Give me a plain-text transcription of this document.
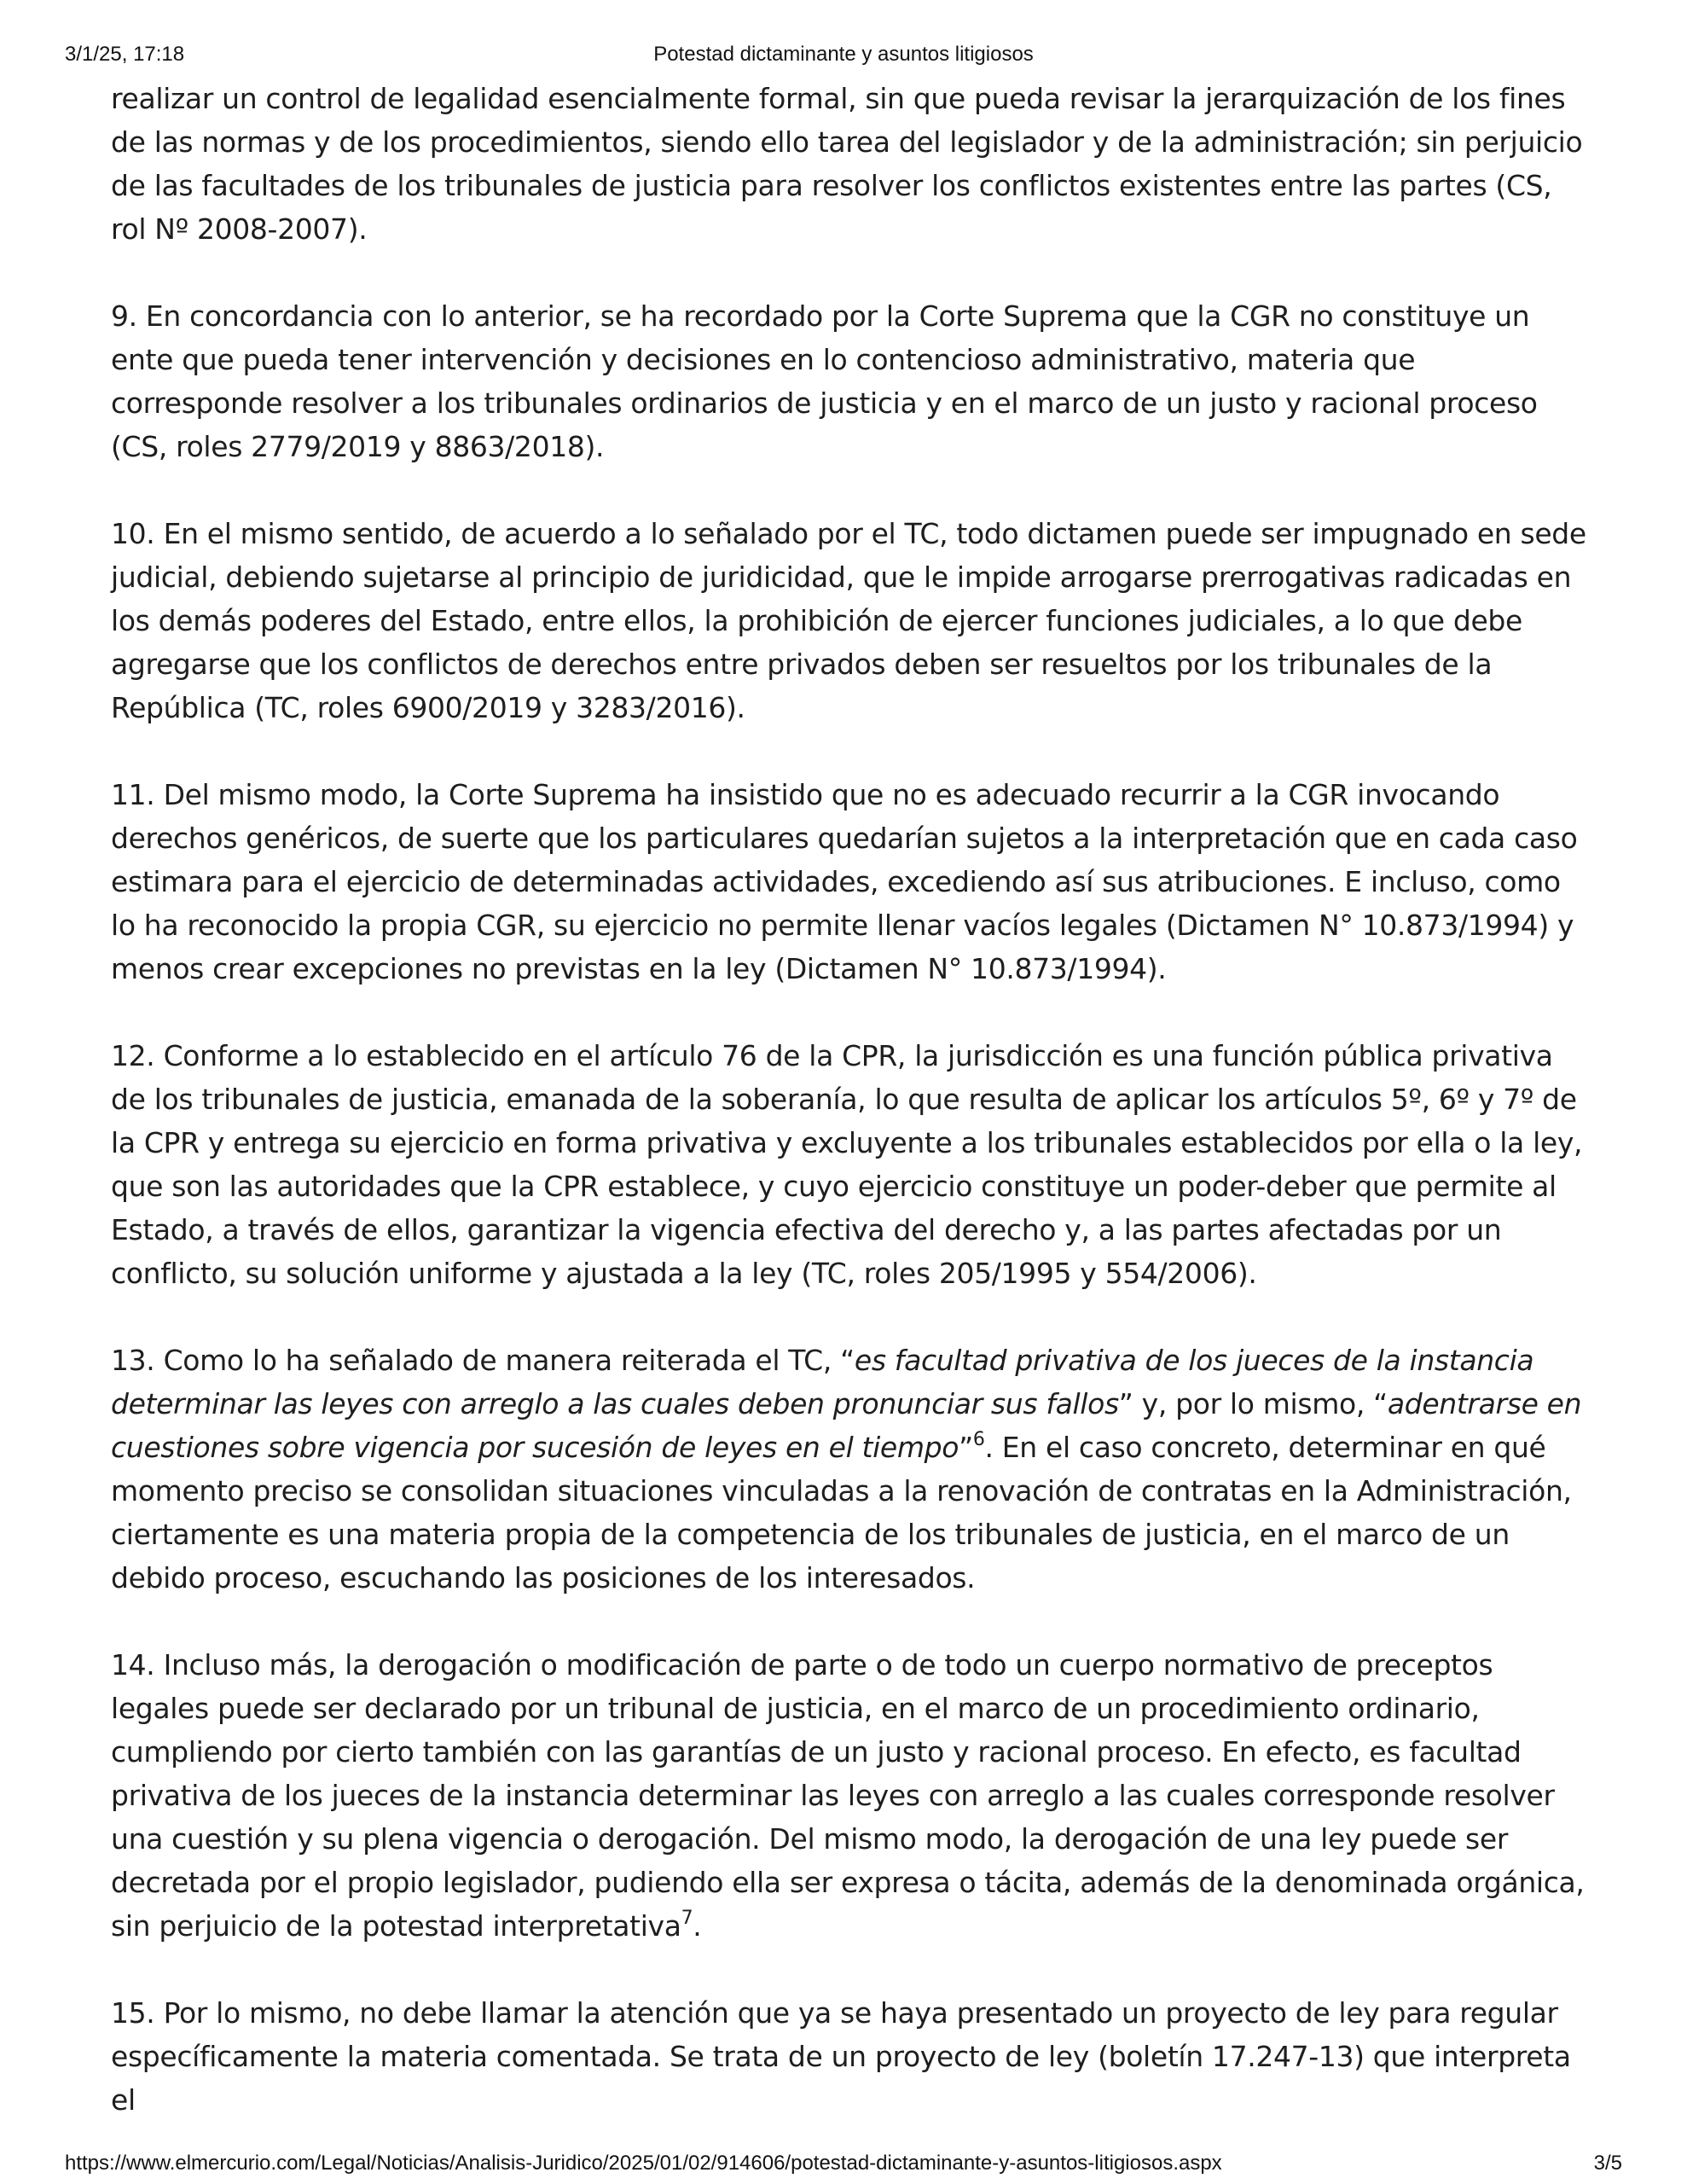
3/1/25, 17:18	Potestad dictaminante y asuntos litigiosos

realizar un control de legalidad esencialmente formal, sin que pueda revisar la jerarquización de los fines de las normas y de los procedimientos, siendo ello tarea del legislador y de la administración; sin perjuicio de las facultades de los tribunales de justicia para resolver los conflictos existentes entre las partes (CS, rol Nº 2008-2007).

9. En concordancia con lo anterior, se ha recordado por la Corte Suprema que la CGR no constituye un ente que pueda tener intervención y decisiones en lo contencioso administrativo, materia que corresponde resolver a los tribunales ordinarios de justicia y en el marco de un justo y racional proceso (CS, roles 2779/2019 y 8863/2018).

10. En el mismo sentido, de acuerdo a lo señalado por el TC, todo dictamen puede ser impugnado en sede judicial, debiendo sujetarse al principio de juridicidad, que le impide arrogarse prerrogativas radicadas en los demás poderes del Estado, entre ellos, la prohibición de ejercer funciones judiciales, a lo que debe agregarse que los conflictos de derechos entre privados deben ser resueltos por los tribunales de la República (TC, roles 6900/2019 y 3283/2016).

11. Del mismo modo, la Corte Suprema ha insistido que no es adecuado recurrir a la CGR invocando derechos genéricos, de suerte que los particulares quedarían sujetos a la interpretación que en cada caso estimara para el ejercicio de determinadas actividades, excediendo así sus atribuciones. E incluso, como lo ha reconocido la propia CGR, su ejercicio no permite llenar vacíos legales (Dictamen N° 10.873/1994) y menos crear excepciones no previstas en la ley (Dictamen N° 10.873/1994).

12. Conforme a lo establecido en el artículo 76 de la CPR, la jurisdicción es una función pública privativa de los tribunales de justicia, emanada de la soberanía, lo que resulta de aplicar los artículos 5º, 6º y 7º de la CPR y entrega su ejercicio en forma privativa y excluyente a los tribunales establecidos por ella o la ley, que son las autoridades que la CPR establece, y cuyo ejercicio constituye un poder-deber que permite al Estado, a través de ellos, garantizar la vigencia efectiva del derecho y, a las partes afectadas por un conflicto, su solución uniforme y ajustada a la ley (TC, roles 205/1995 y 554/2006).

13. Como lo ha señalado de manera reiterada el TC, “es facultad privativa de los jueces de la instancia determinar las leyes con arreglo a las cuales deben pronunciar sus fallos” y, por lo mismo, “adentrarse en cuestiones sobre vigencia por sucesión de leyes en el tiempo”$^6$. En el caso concreto, determinar en qué momento preciso se consolidan situaciones vinculadas a la renovación de contratas en la Administración, ciertamente es una materia propia de la competencia de los tribunales de justicia, en el marco de un debido proceso, escuchando las posiciones de los interesados.

14. Incluso más, la derogación o modificación de parte o de todo un cuerpo normativo de preceptos legales puede ser declarado por un tribunal de justicia, en el marco de un procedimiento ordinario, cumpliendo por cierto también con las garantías de un justo y racional proceso. En efecto, es facultad privativa de los jueces de la instancia determinar las leyes con arreglo a las cuales corresponde resolver una cuestión y su plena vigencia o derogación. Del mismo modo, la derogación de una ley puede ser decretada por el propio legislador, pudiendo ella ser expresa o tácita, además de la denominada orgánica, sin perjuicio de la potestad interpretativa$^7$.

15. Por lo mismo, no debe llamar la atención que ya se haya presentado un proyecto de ley para regular específicamente la materia comentada. Se trata de un proyecto de ley (boletín 17.247-13) que interpreta el

https://www.elmercurio.com/Legal/Noticias/Analisis-Juridico/2025/01/02/914606/potestad-dictaminante-y-asuntos-litigiosos.aspx	3/5
